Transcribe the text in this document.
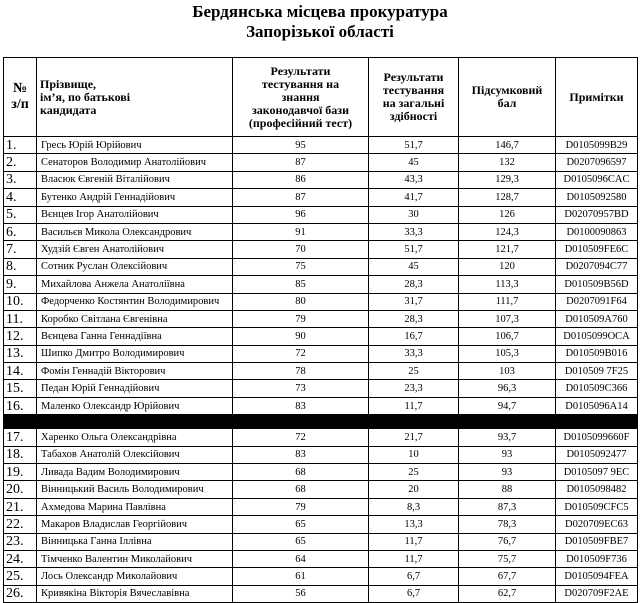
Бердянська місцева прокуратура
Запорізької області
№
з/п	Прізвище,
ім’я, по батькові
кандидата	Результати
тестування на
знання
законодавчої бази
(професійний тест)	Результати
тестування
на загальні
здібності	Підсумковий
бал	Примітки
1.	Гресь Юрій Юрійович	95	51,7	146,7	D0105099B29
2.	Сенаторов Володимир Анатолійович	87	45	132	D0207096597
3.	Власюк Євгеній Віталійович	86	43,3	129,3	D0105096CAC
4.	Бутенко Андрій Геннадійович	87	41,7	128,7	D0105092580
5.	Вєнцев Ігор Анатолійович	96	30	126	D02070957BD
6.	Васильєв Микола Олександрович	91	33,3	124,3	D0100090863
7.	Худзій Євген Анатолійович	70	51,7	121,7	D010509FE6C
8.	Сотник Руслан Олексійович	75	45	120	D0207094C77
9.	Михайлова Анжела Анатоліївна	85	28,3	113,3	D010509B56D
10.	Федорченко Костянтин Володимирович	80	31,7	111,7	D0207091F64
11.	Коробко Світлана Євгенівна	79	28,3	107,3	D010509A760
12.	Вєнцева Ганна Геннадіївна	90	16,7	106,7	D0105099OCA
13.	Шипко Дмитро Володимирович	72	33,3	105,3	D010509B016
14.	Фомін Геннадій Вікторович	78	25	103	D010509 7F25
15.	Педан Юрій Геннадійович	73	23,3	96,3	D010509C366
16.	Маленко Олександр Юрійович	83	11,7	94,7	D0105096A14

17.	Харенко Ольга Олександрівна	72	21,7	93,7	D0105099660F
18.	Табахов Анатолій Олексійович	83	10	93	D0105092477
19.	Ливада Вадим Володимирович	68	25	93	D0105097 9EC
20.	Вінницький Василь Володимирович	68	20	88	D0105098482
21.	Ахмедова Марина Павлівна	79	8,3	87,3	D010509CFC5
22.	Макаров Владислав Георгійович	65	13,3	78,3	D020709EC63
23.	Вінницька Ганна Іллівна	65	11,7	76,7	D010509FBE7
24.	Тімченко Валентин Миколайович	64	11,7	75,7	D010509F736
25.	Лось Олександр Миколайович	61	6,7	67,7	D0105094FEA
26.	Кривякіна Вікторія Вячеславівна	56	6,7	62,7	D020709F2AE
